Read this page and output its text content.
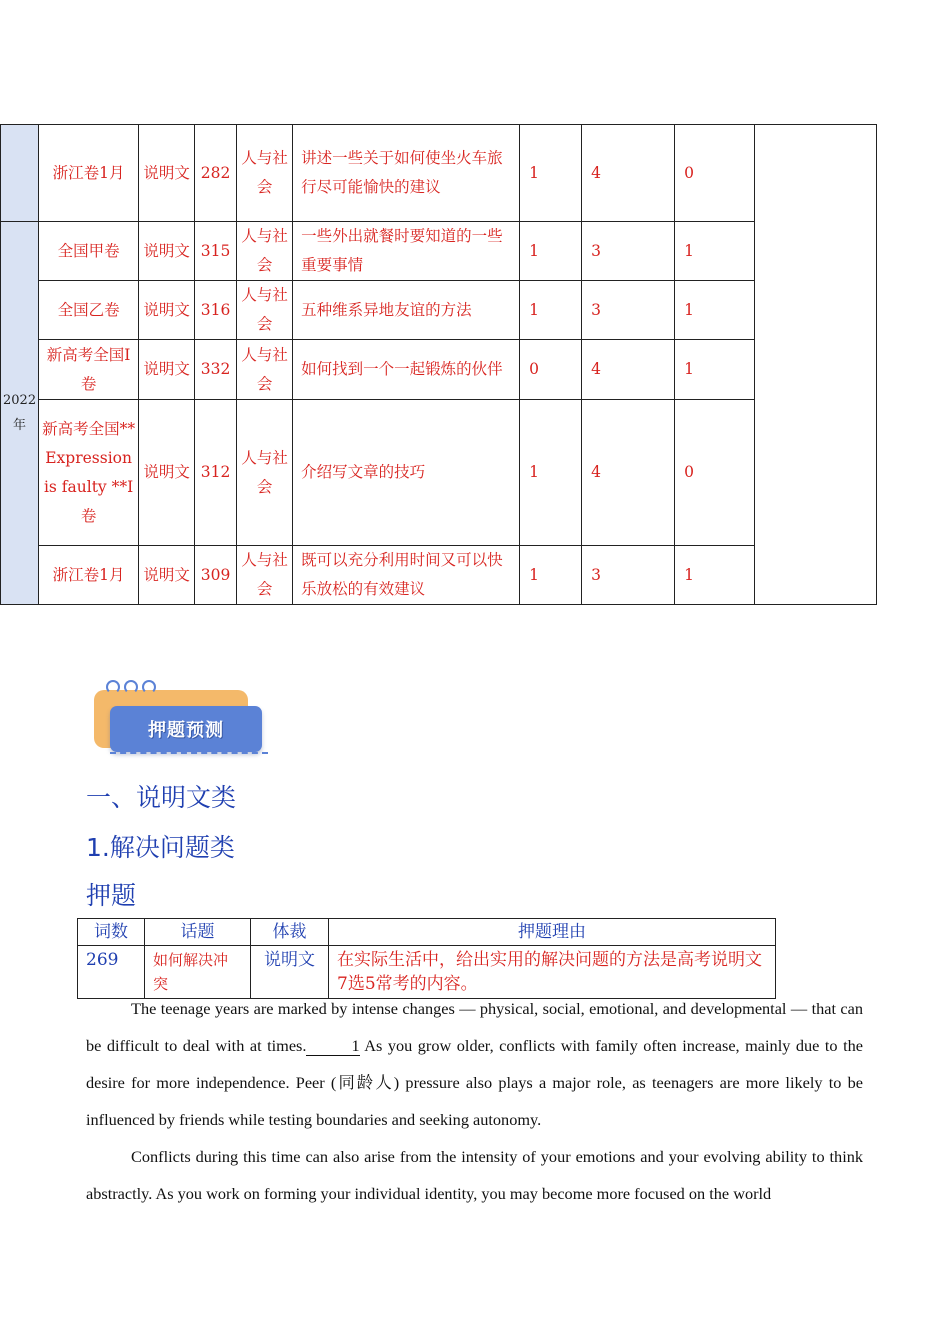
	浙江卷1月	说明文	282	人与社会	讲述一些关于如何使坐火车旅行尽可能愉快的建议	1	4	0	
2022年	全国甲卷	说明文	315	人与社会	一些外出就餐时要知道的一些重要事情	1	3	1	
	全国乙卷	说明文	316	人与社会	五种维系异地友谊的方法	1	3	1	
	新高考全国I卷	说明文	332	人与社会	如何找到一个一起锻炼的伙伴	0	4	1	
	新高考全国** Expression is faulty **I卷	说明文	312	人与社会	介绍写文章的技巧	1	4	0	
	浙江卷1月	说明文	309	人与社会	既可以充分利用时间又可以快乐放松的有效建议	1	3	1	
押题预测
一、说明文类
1.解决问题类
押题
词数	话题	体裁	押题理由
269	如何解决冲突	说明文	在实际生活中，给出实用的解决问题的方法是高考说明文7选5常考的内容。

The teenage years are marked by intense changes — physical, social, emotional, and developmental — that can be difficult to deal with at times.	1 As you grow older, conflicts with family often increase, mainly due to the desire for more independence. Peer (同龄人) pressure also plays a major role, as teenagers are more likely to be influenced by friends while testing boundaries and seeking autonomy.

Conflicts during this time can also arise from the intensity of your emotions and your evolving ability to think abstractly. As you work on forming your individual identity, you may become more focused on the world
